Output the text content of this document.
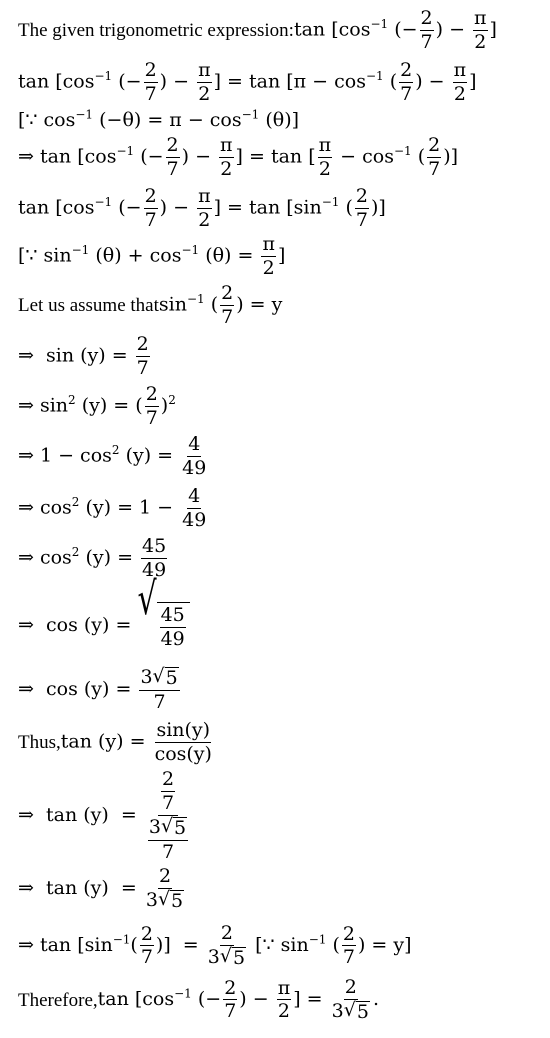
The given trigonometric expression: $\tan [\cos^{-1}$ (− $\frac{2}{7}$ ) − $\frac{\pi}{2}$ ]
$\tan [\cos^{-1}$ (− $\frac{2}{7}$ ) − $\frac{\pi}{2}$ ] = $\tan [\pi - \cos^{-1}$ ( $\frac{2}{7}$ ) − $\frac{\pi}{2}$ ]
[∵ $\cos^{-1} (-\theta) = \pi - \cos^{-1} (\theta)$]
⇒ $\tan [\cos^{-1}$ (− $\frac{2}{7}$ ) − $\frac{\pi}{2}$ ] = tan [ $\frac{\pi}{2} - \cos^{-1}$ ( $\frac{2}{7}$ )]
$\tan [\cos^{-1}$ (− $\frac{2}{7}$ ) − $\frac{\pi}{2}$ ] = $\tan [\sin^{-1}$ ( $\frac{2}{7}$ )]
[∵ $\sin^{-1} (\theta) + \cos^{-1} (\theta) = \frac{\pi}{2}$ ]
Let us assume that $\sin^{-1}$ ( $\frac{2}{7}$ ) = y
⇒  $\sin (y) = \frac{2}{7}$
⇒ $\sin^2 (y)$ = ( $\frac{2}{7} )^2$
⇒ $1 - \cos^2 (y) = \frac{4}{49}$
⇒ $\cos^2 (y) = 1 - \frac{4}{49}$
⇒ $\cos^2 (y) = \frac{45}{49}$
⇒  cos (y) = √
$\frac{45}{49}$
⇒  $\cos (y) = \frac{3 √ 5}{7}$
Thus, $\tan (y) = \frac{\sin(y)}{\cos(y)}$
⇒  $\tan (y) = \frac{\frac{2}{7}}{\frac{3 √ 5}{7}}$
⇒  $\tan (y) = \frac{2}{3 √ 5}$
⇒ $\tan [\sin^{-1}( \frac{2}{7}$ )]  = $\frac{2}{3 √ 5}$ [∵ $\sin^{-1}$ ( $\frac{2}{7}$ ) = y]
Therefore, $\tan [\cos^{-1}$ (− $\frac{2}{7}$ ) − $\frac{\pi}{2}$ ] = $\frac{2}{3 √ 5}$ .
